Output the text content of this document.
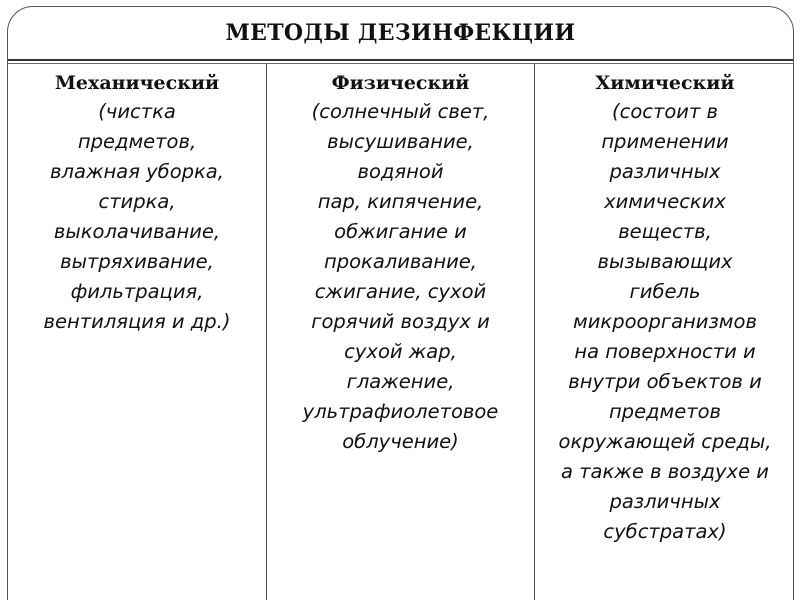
МЕТОДЫ ДЕЗИНФЕКЦИИ
Механический
(чистка
предметов,
влажная уборка,
стирка,
выколачивание,
вытряхивание,
фильтрация,
вентиляция и др.)
Физический
(солнечный свет,
высушивание,
водяной
пар, кипячение,
обжигание и
прокаливание,
сжигание, сухой
горячий воздух и
сухой жар,
глажение,
ультрафиолетовое
облучение)
Химический
(состоит в
применении
различных
химических
веществ,
вызывающих
гибель
микроорганизмов
на поверхности и
внутри объектов и
предметов
окружающей среды,
а также в воздухе и
различных
субстратах)
